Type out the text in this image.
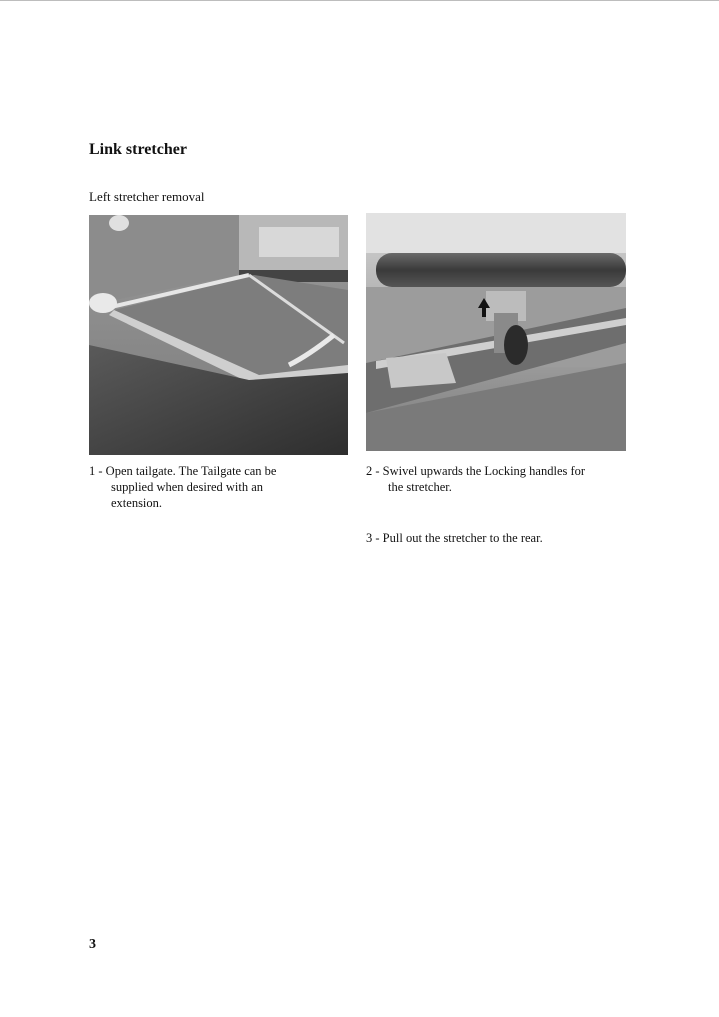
Link stretcher
Left stretcher removal
1 - Open tailgate. The Tailgate can be
supplied when desired with an
extension.
2 - Swivel upwards the Locking handles for
the stretcher.
3 - Pull out the stretcher to the rear.
3
